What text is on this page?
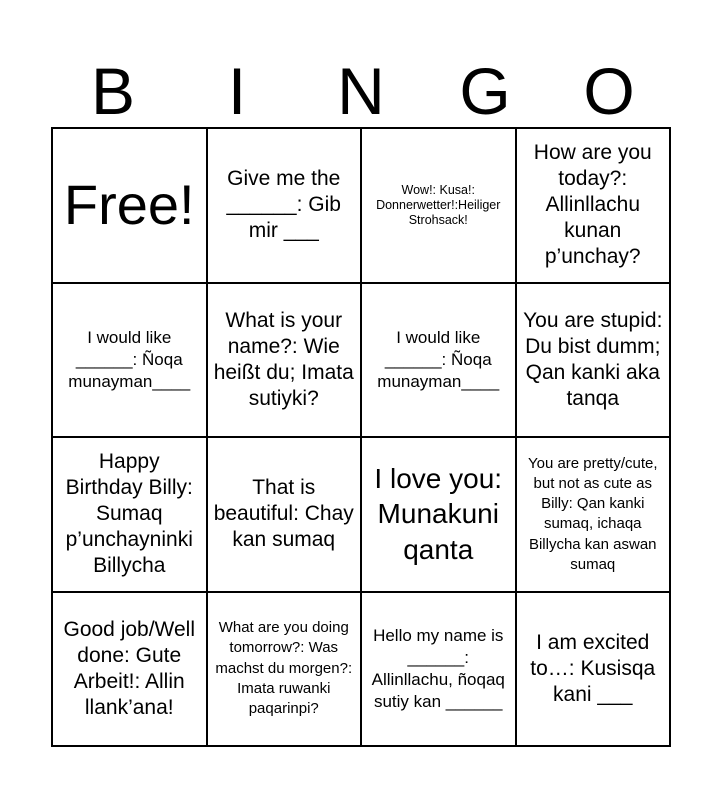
B	I	N	G	O
Free!	Give me the ______: Gib mir ___
Wow!: Kusa!: Donnerwetter!:Heiliger Strohsack!
How are you today?: Allinllachu kunan p’unchay?
I would like ______: Ñoqa munayman____
What is your name?: Wie heißt du; Imata sutiyki?
I would like ______: Ñoqa munayman____
You are stupid: Du bist dumm; Qan kanki aka tanqa
Happy Birthday Billy: Sumaq p’unchayninki Billycha
That is beautiful: Chay kan sumaq
I love you: Munakuni qanta
You are pretty/cute, but not as cute as Billy: Qan kanki sumaq, ichaqa Billycha kan aswan sumaq
Good job/Well done: Gute Arbeit!: Allin llank’ana!
What are you doing tomorrow?: Was machst du morgen?: Imata ruwanki paqarinpi?
Hello my name is ______: Allinllachu, ñoqaq sutiy kan ______
I am excited to…: Kusisqa kani ___
